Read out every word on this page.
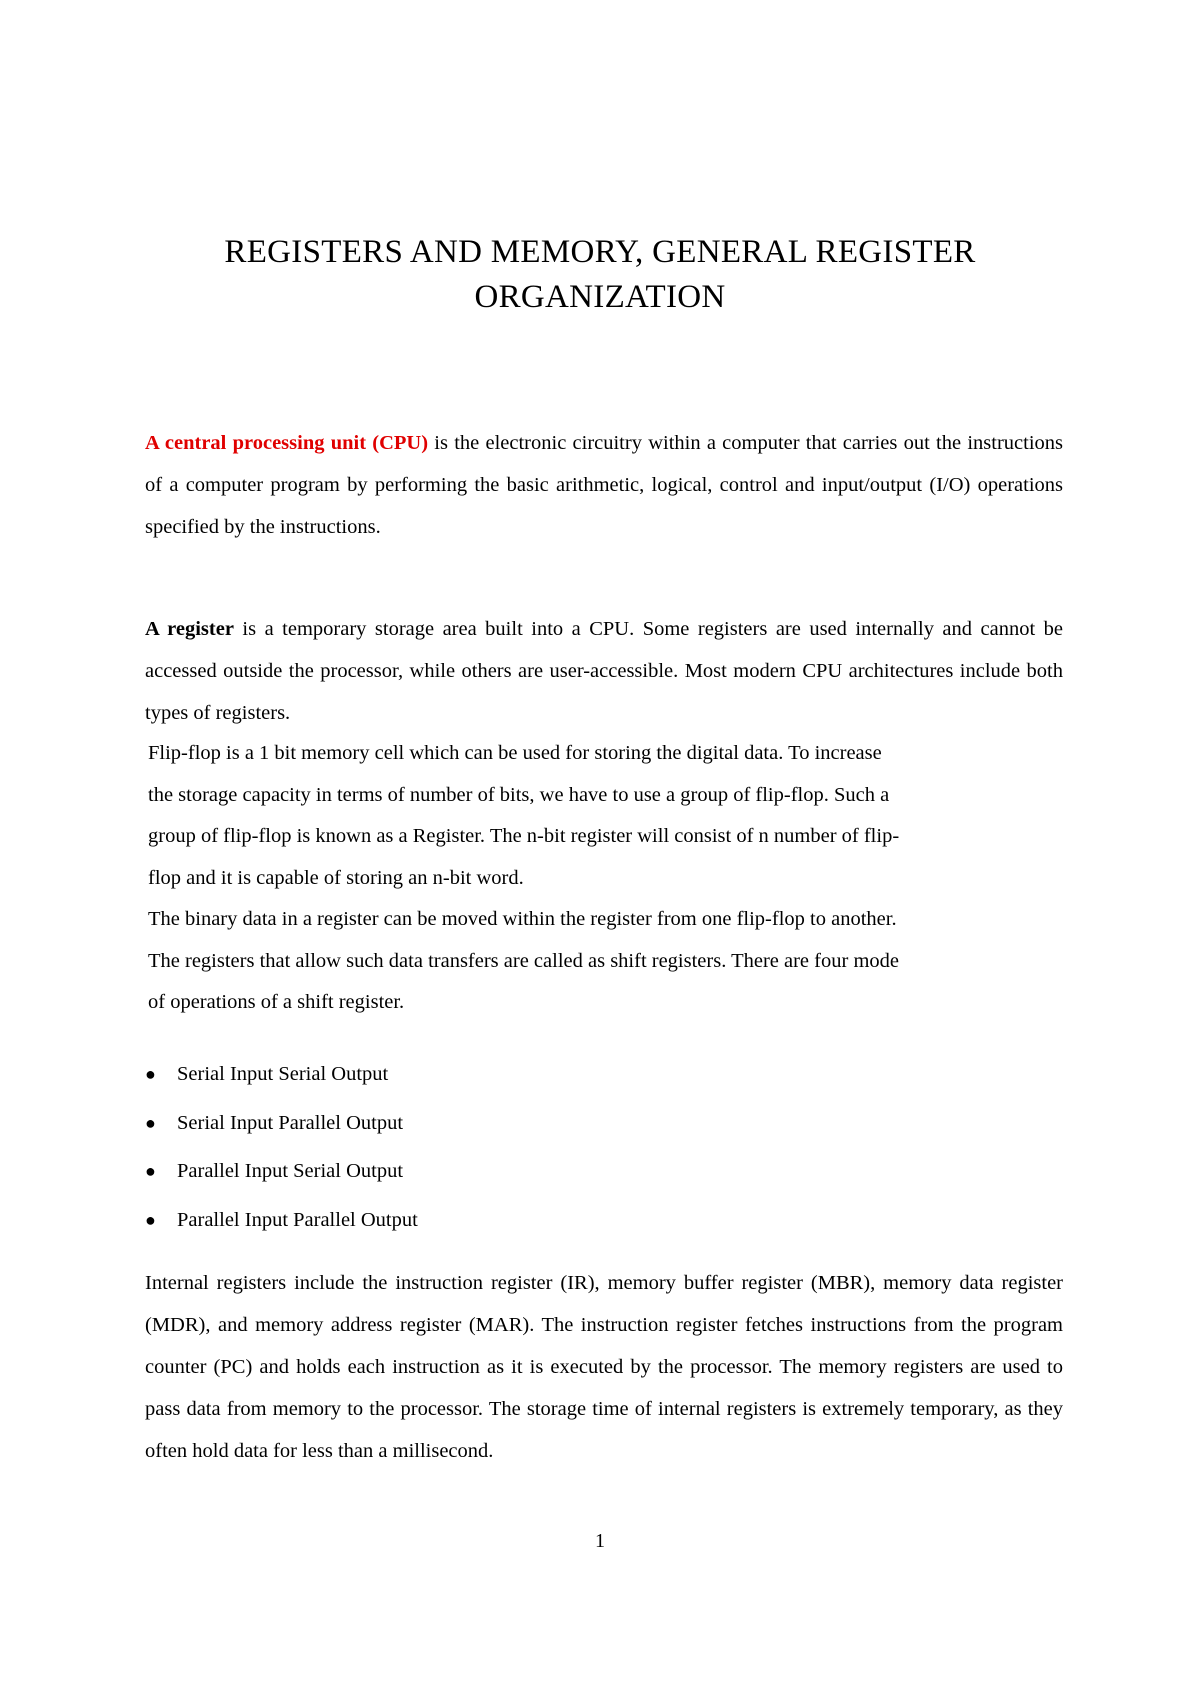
REGISTERS AND MEMORY, GENERAL REGISTER ORGANIZATION

A central processing unit (CPU) is the electronic circuitry within a computer that carries out the instructions of a computer program by performing the basic arithmetic, logical, control and input/output (I/O) operations specified by the instructions.

A register is a temporary storage area built into a CPU. Some registers are used internally and cannot be accessed outside the processor, while others are user-accessible. Most modern CPU architectures include both types of registers.

Flip-flop is a 1 bit memory cell which can be used for storing the digital data. To increase
the storage capacity in terms of number of bits, we have to use a group of flip-flop. Such a
group of flip-flop is known as a Register. The n-bit register will consist of n number of flip-
flop and it is capable of storing an n-bit word.
The binary data in a register can be moved within the register from one flip-flop to another.
The registers that allow such data transfers are called as shift registers. There are four mode
of operations of a shift register.
● Serial Input Serial Output
● Serial Input Parallel Output
● Parallel Input Serial Output
● Parallel Input Parallel Output

Internal registers include the instruction register (IR), memory buffer register (MBR), memory data register (MDR), and memory address register (MAR). The instruction register fetches instructions from the program counter (PC) and holds each instruction as it is executed by the processor. The memory registers are used to pass data from memory to the processor. The storage time of internal registers is extremely temporary, as they often hold data for less than a millisecond.

1
